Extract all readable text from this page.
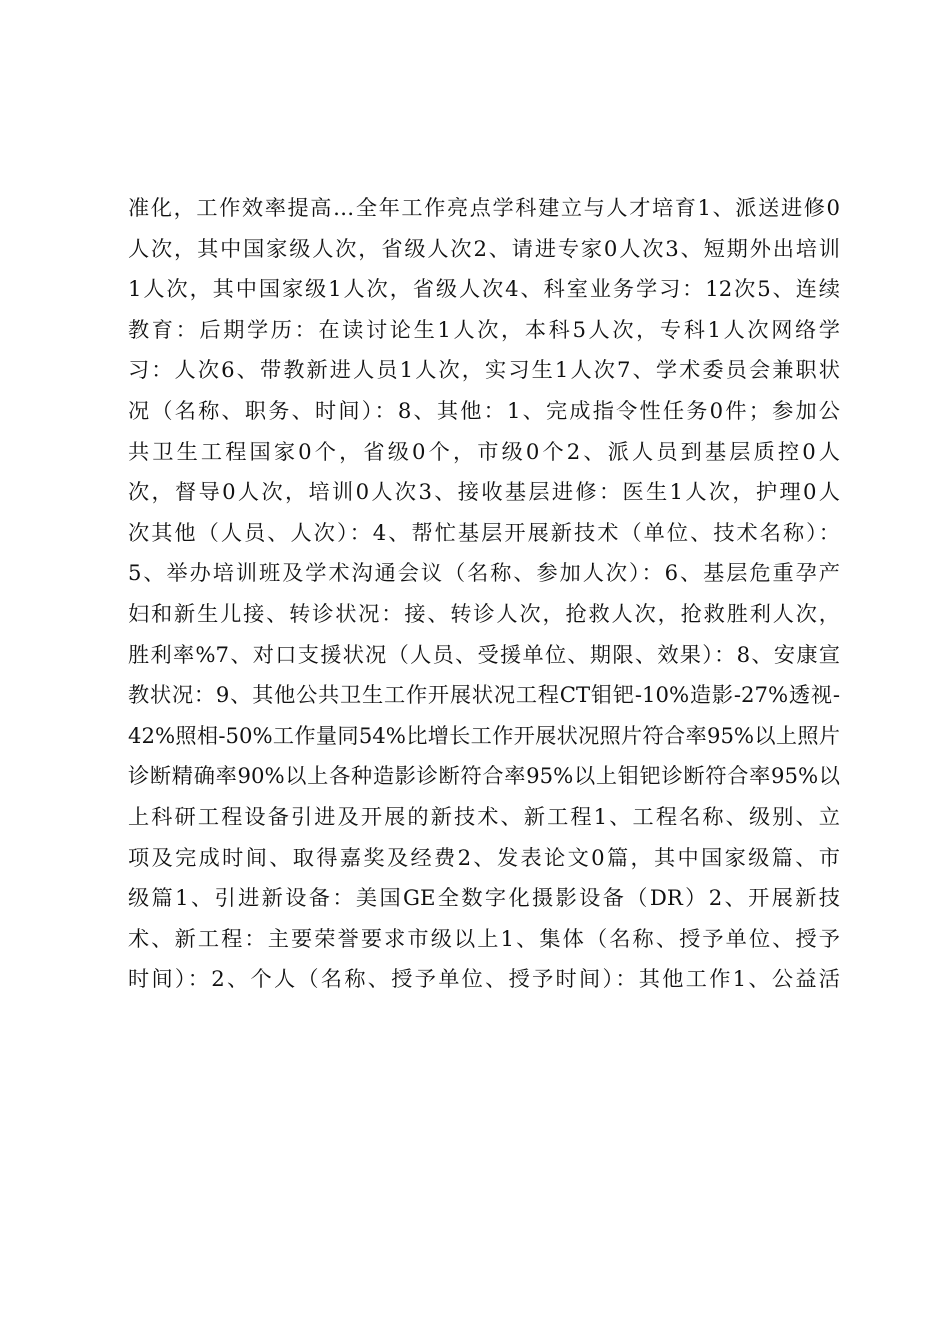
准化，工作效率提高…全年工作亮点学科建立与人才培育1、派送进修0
人次，其中国家级人次，省级人次2、请进专家0人次3、短期外出培训
1人次，其中国家级1人次，省级人次4、科室业务学习：12次5、连续
教育：后期学历：在读讨论生1人次，本科5人次，专科1人次网络学
习：人次6、带教新进人员1人次，实习生1人次7、学术委员会兼职状
况（名称、职务、时间）：8、其他：1、完成指令性任务0件；参加公
共卫生工程国家0个，省级0个，市级0个2、派人员到基层质控0人
次，督导0人次，培训0人次3、接收基层进修：医生1人次，护理0人
次其他（人员、人次）：4、帮忙基层开展新技术（单位、技术名称）：
5、举办培训班及学术沟通会议（名称、参加人次）：6、基层危重孕产
妇和新生儿接、转诊状况：接、转诊人次，抢救人次，抢救胜利人次，
胜利率%7、对口支援状况（人员、受援单位、期限、效果）：8、安康宣
教状况：9、其他公共卫生工作开展状况工程CT钼钯-10%造影-27%透视-
42%照相-50%工作量同54%比增长工作开展状况照片符合率95%以上照片
诊断精确率90%以上各种造影诊断符合率95%以上钼钯诊断符合率95%以
上科研工程设备引进及开展的新技术、新工程1、工程名称、级别、立
项及完成时间、取得嘉奖及经费2、发表论文0篇，其中国家级篇、市
级篇1、引进新设备：美国GE全数字化摄影设备（DR）2、开展新技
术、新工程：主要荣誉要求市级以上1、集体（名称、授予单位、授予
时间）：2、个人（名称、授予单位、授予时间）：其他工作1、公益活
